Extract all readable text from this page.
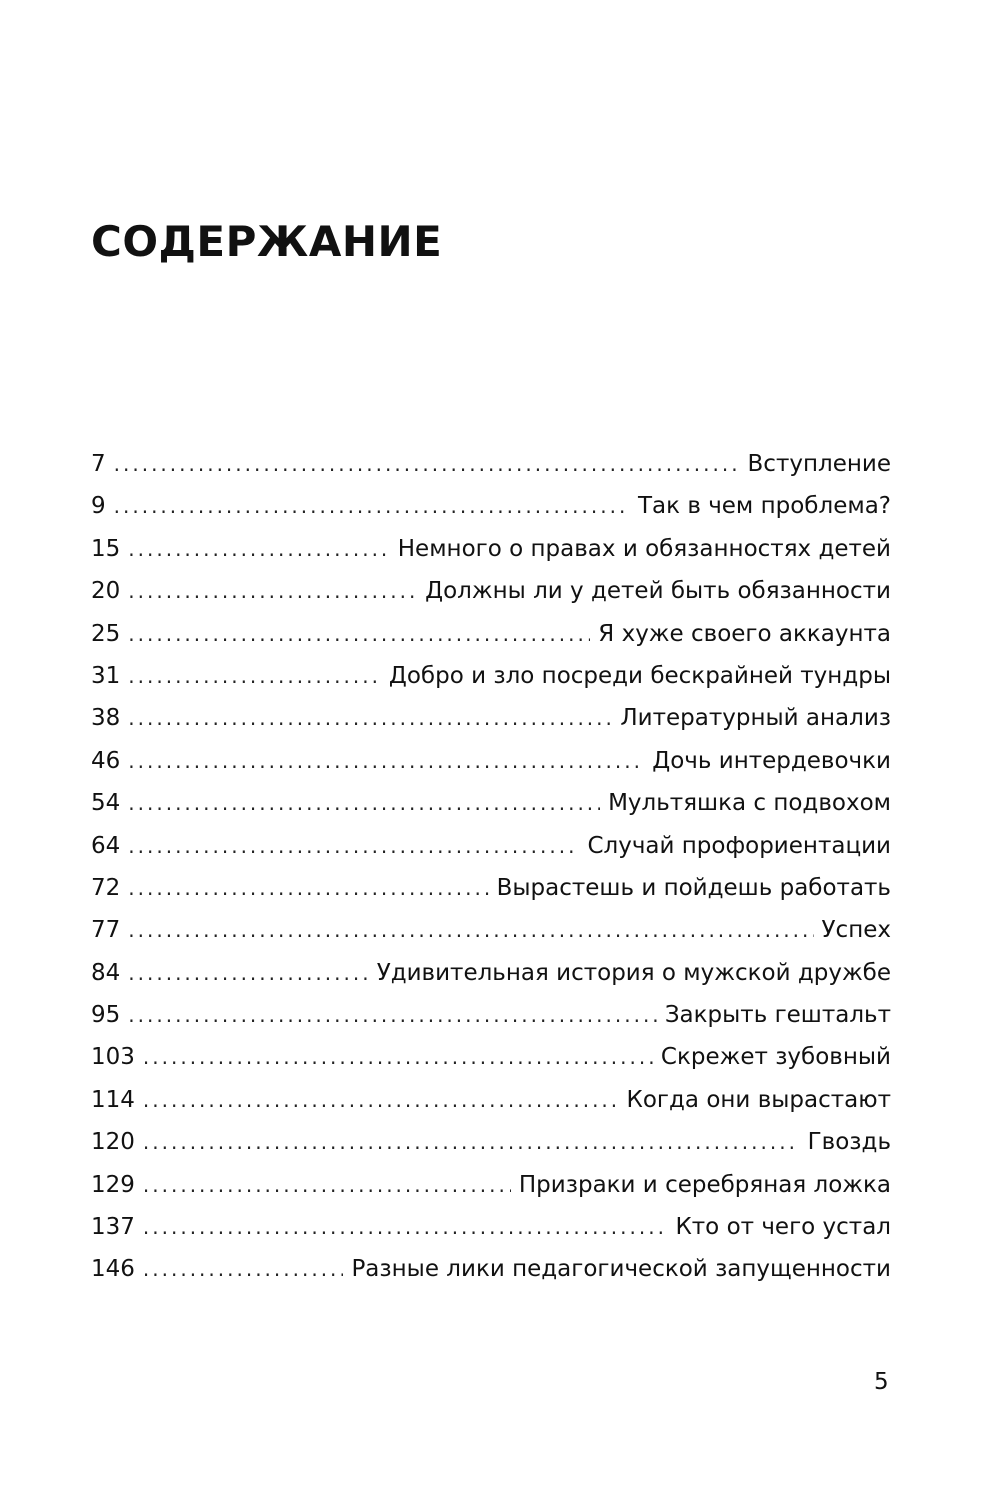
СОДЕРЖАНИЕ
7 .....	Вступление
9 .....	Так в чем проблема?
15 .....	Немного о правах и обязанностях детей
20 .....	Должны ли у детей быть обязанности
25 .....	Я хуже своего аккаунта
31 .....	Добро и зло посреди бескрайней тундры
38 .....	Литературный анализ
46 .....	Дочь интердевочки
54 .....	Мультяшка с подвохом
64 .....	Случай профориентации
72 .....	Вырастешь и пойдешь работать
77 .....	Успех
84 .....	Удивительная история о мужской дружбе
95 .....	Закрыть гештальт
103 .....	Скрежет зубовный
114 .....	Когда они вырастают
120 .....	Гвоздь
129 .....	Призраки и серебряная ложка
137 .....	Кто от чего устал
146 .....	Разные лики педагогической запущенности
5
